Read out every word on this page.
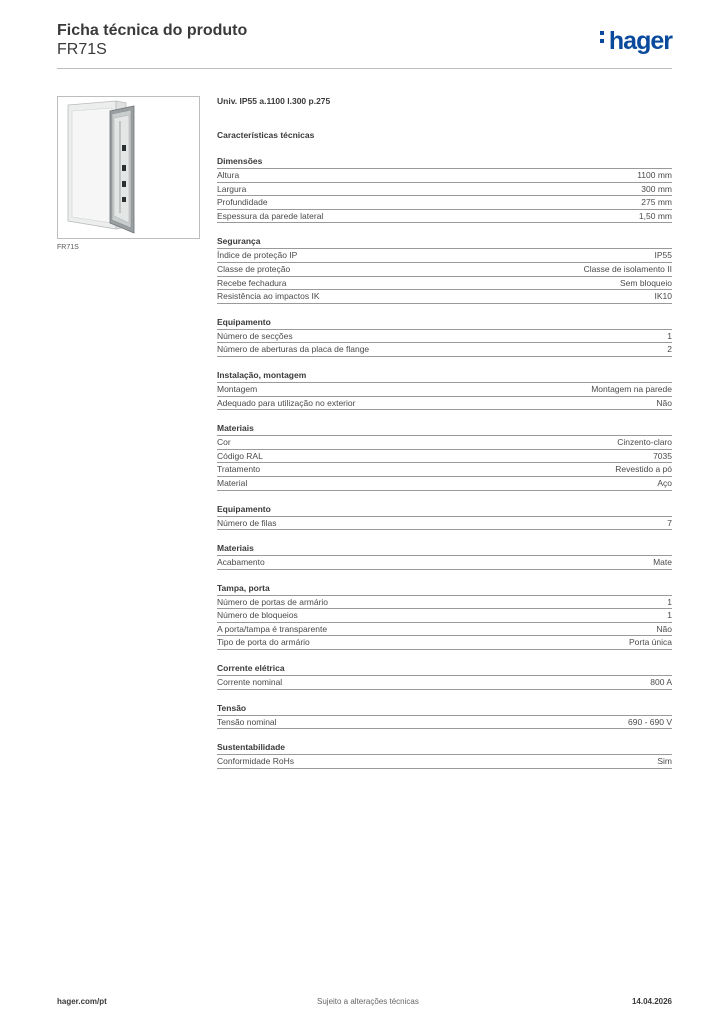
Ficha técnica do produto
FR71S	hager
FR71S
Univ. IP55 a.1100 l.300 p.275
Características técnicas
Dimensões
Altura	1100 mm
Largura	300 mm
Profundidade	275 mm
Espessura da parede lateral	1,50 mm
Segurança
Índice de proteção IP	IP55
Classe de proteção	Classe de isolamento II
Recebe fechadura	Sem bloqueio
Resistência ao impactos IK	IK10
Equipamento
Número de secções	1
Número de aberturas da placa de flange	2
Instalação, montagem
Montagem	Montagem na parede
Adequado para utilização no exterior	Não
Materiais
Cor	Cinzento-claro
Código RAL	7035
Tratamento	Revestido a pó
Material	Aço
Equipamento
Número de filas	7
Materiais
Acabamento	Mate
Tampa, porta
Número de portas de armário	1
Número de bloqueios	1
A porta/tampa é transparente	Não
Tipo de porta do armário	Porta única
Corrente elétrica
Corrente nominal	800 A
Tensão
Tensão nominal	690 - 690 V
Sustentabilidade
Conformidade RoHs	Sim
hager.com/pt	Sujeito a alterações técnicas	14.04.2026
